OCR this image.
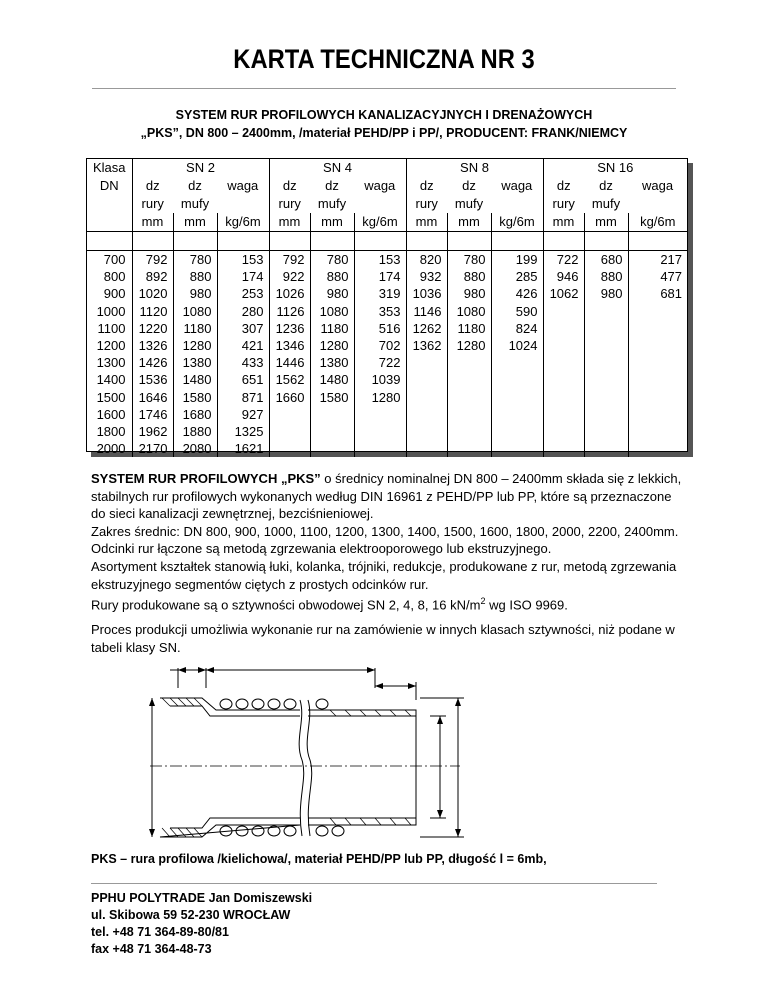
KARTA TECHNICZNA NR 3
SYSTEM RUR PROFILOWYCH KANALIZACYJNYCH I DRENAŻOWYCH
„PKS”, DN 800 – 2400mm, /materiał PEHD/PP i PP/, PRODUCENT: FRANK/NIEMCY
Klasa	SN 2			SN 4			SN 8			SN 16		
DN	dz	dz	waga	dz	dz	waga	dz	dz	waga	dz	dz	waga
	rury	mufy		rury	mufy		rury	mufy		rury	mufy	
	mm	mm	kg/6m	mm	mm	kg/6m	mm	mm	kg/6m	mm	mm	kg/6m

700	792	780	153	792	780	153	820	780	199	722	680	217
800	892	880	174	922	880	174	932	880	285	946	880	477
900	1020	980	253	1026	980	319	1036	980	426	1062	980	681
1000	1120	1080	280	1126	1080	353	1146	1080	590			
1100	1220	1180	307	1236	1180	516	1262	1180	824			
1200	1326	1280	421	1346	1280	702	1362	1280	1024			
1300	1426	1380	433	1446	1380	722						
1400	1536	1480	651	1562	1480	1039						
1500	1646	1580	871	1660	1580	1280						
1600	1746	1680	927									
1800	1962	1880	1325									
2000	2170	2080	1621									
SYSTEM RUR PROFILOWYCH „PKS” o średnicy nominalnej DN 800 – 2400mm składa się z lekkich,
stabilnych rur profilowych wykonanych według DIN 16961 z PEHD/PP lub PP, które są przeznaczone
do sieci kanalizacji zewnętrznej, bezciśnieniowej.
Zakres średnic: DN 800, 900, 1000, 1100, 1200, 1300, 1400, 1500, 1600, 1800, 2000, 2200, 2400mm.
Odcinki rur łączone są metodą zgrzewania elektrooporowego lub ekstruzyjnego.
Asortyment kształtek stanowią łuki, kolanka, trójniki, redukcje, produkowane z rur, metodą zgrzewania
ekstruzyjnego segmentów ciętych z prostych odcinków rur.
Rury produkowane są o sztywności obwodowej SN 2, 4, 8, 16 $kN/m^2$ wg ISO 9969.
Proces produkcji umożliwia wykonanie rur na zamówienie w innych klasach sztywności, niż podane w
tabeli klasy SN.
PKS – rura profilowa /kielichowa/, materiał PEHD/PP lub PP, długość l = 6mb,
PPHU POLYTRADE Jan Domiszewski
ul. Skibowa 59 52-230 WROCŁAW
tel. +48 71 364-89-80/81
fax +48 71 364-48-73
